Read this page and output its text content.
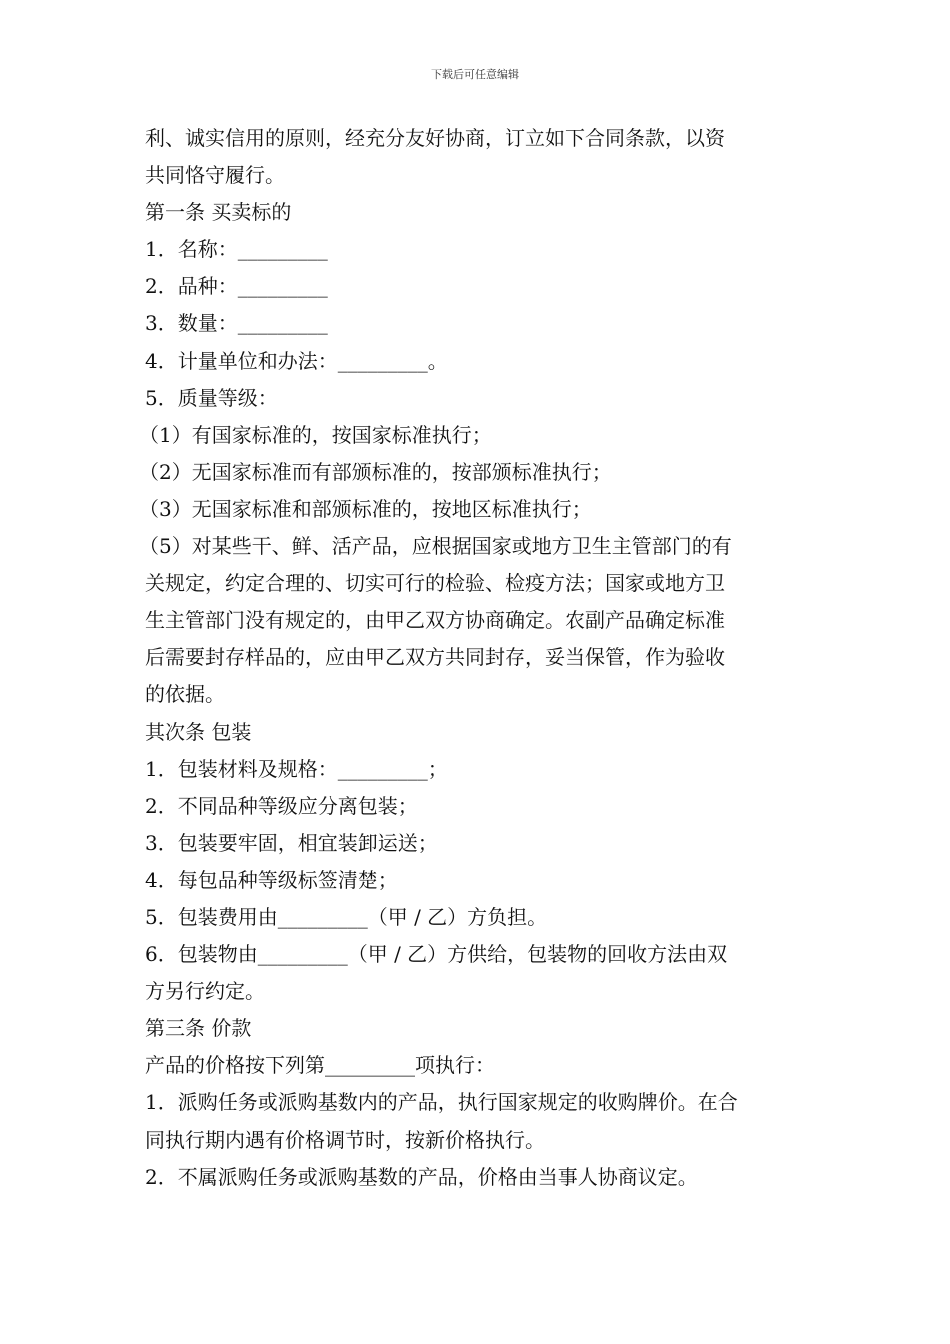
下载后可任意编辑
利、诚实信用的原则，经充分友好协商，订立如下合同条款，以资
共同恪守履行。
第一条 买卖标的
1．名称：_________
2．品种：_________
3．数量：_________
4．计量单位和办法：_________。
5．质量等级：
（1）有国家标准的，按国家标准执行；
（2）无国家标准而有部颁标准的，按部颁标准执行；
（3）无国家标准和部颁标准的，按地区标准执行；
（5）对某些干、鲜、活产品，应根据国家或地方卫生主管部门的有
关规定，约定合理的、切实可行的检验、检疫方法；国家或地方卫
生主管部门没有规定的，由甲乙双方协商确定。农副产品确定标准
后需要封存样品的，应由甲乙双方共同封存，妥当保管，作为验收
的依据。
其次条 包装
1．包装材料及规格：_________；
2．不同品种等级应分离包装；
3．包装要牢固，相宜装卸运送；
4．每包品种等级标签清楚；
5．包装费用由_________（甲 / 乙）方负担。
6．包装物由_________（甲 / 乙）方供给，包装物的回收方法由双
方另行约定。
第三条 价款
产品的价格按下列第_________项执行：
1．派购任务或派购基数内的产品，执行国家规定的收购牌价。在合
同执行期内遇有价格调节时，按新价格执行。
2．不属派购任务或派购基数的产品，价格由当事人协商议定。
